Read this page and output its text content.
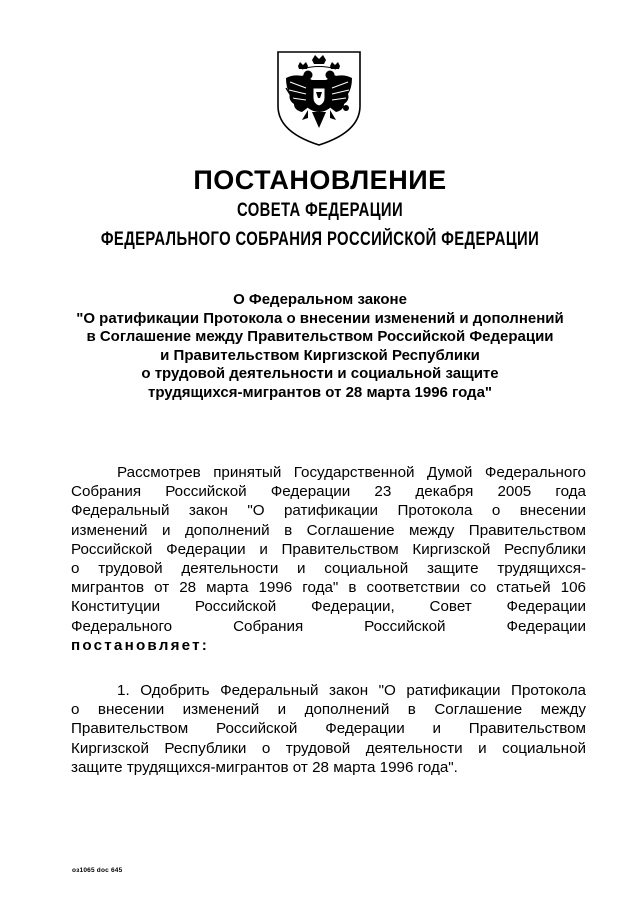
ПОСТАНОВЛЕНИЕ
СОВЕТА ФЕДЕРАЦИИ
ФЕДЕРАЛЬНОГО СОБРАНИЯ РОССИЙСКОЙ ФЕДЕРАЦИИ
О Федеральном законе
"О ратификации Протокола о внесении изменений и дополнений
в Соглашение между Правительством Российской Федерации
и Правительством Киргизской Республики
о трудовой деятельности и социальной защите
трудящихся-мигрантов от 28 марта 1996 года"
Рассмотрев принятый Государственной Думой Федерального
Собрания Российской Федерации 23 декабря 2005 года
Федеральный закон "О ратификации Протокола о внесении
изменений и дополнений в Соглашение между Правительством
Российской Федерации и Правительством Киргизской Республики
о трудовой деятельности и социальной защите трудящихся-
мигрантов от 28 марта 1996 года" в соответствии со статьей 106
Конституции Российской Федерации, Совет Федерации
Федерального Собрания Российской Федерации
постановляет:
1. Одобрить Федеральный закон "О ратификации Протокола
о внесении изменений и дополнений в Соглашение между
Правительством Российской Федерации и Правительством
Киргизской Республики о трудовой деятельности и социальной
защите трудящихся-мигрантов от 28 марта 1996 года".
оз1065 doc 645
